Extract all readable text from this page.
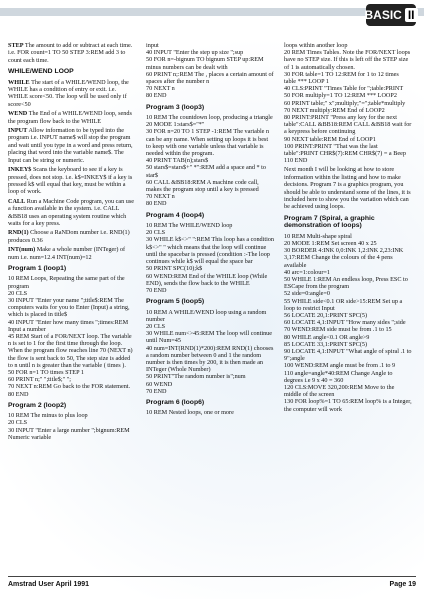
BASIC II

STEP The amount to add or subtract at each time. i.e. FOR count=1 TO 50 STEP 3:REM add 3 to count each time.

WHILE/WEND LOOP

WHILE The start of a WHILE/WEND loop, the WHILE has a condition of entry or exit. i.e. WHILE score<50. The loop will be used only if score<50

WEND The End of a WHILE/WEND loop, sends the program flow back to the WHILE

INPUT Allow information to be typed into the program i.e. INPUT name$ will stop the program and wait until you type in a word and press return, placing that word into the variable name$. The Input can be string or numeric.

INKEY$ Scans the keyboard to see if a key is pressed, does not stop. i.e. k$=INKEY$ if a key is pressed k$ will equal that key, must be within a loop of work.

CALL Run a Machine Code program, you can use a function available in the system. i.e. CALL &BB18 uses an operating system routine which waits for a key press.

RND(1) Choose a RaNDom number i.e. RND(1) produces 0.36

INT(num) Make a whole number (INTeger) of num i.e. num=12.4 INT(num)=12

Program 1 (loop1)
10 REM Loops, Repeating the same part of the program
20 CLS
30 INPUT "Enter your name ";title$:REM The computers waits for you to Enter (Input) a string, which is placed in title$
40 INPUT "Enter how many times ";times:REM Input a number
45 REM Start of a FOR/NEXT loop. The variable n is set to 1 for the first time through the loop. When the program flow reaches line 70 (NEXT n) the flow is sent back to 50, The step size is added to n until n is greater than the variable ( times ).
50 FOR n=1 TO times STEP 1
60 PRINT n;" ";title$;" ";
70 NEXT n:REM Go back to the FOR statement.
80 END
Program 2 (loop2)
10 REM The minus to plus loop
20 CLS
30 INPUT "Enter a large number ";bignum:REM Numeric variable
input
40 INPUT "Enter the step up size ";sup
50 FOR n=-bignum TO bignum STEP up:REM minus numbers can be dealt with
60 PRINT n;:REM The , places a certain amount of spaces after the number n
70 NEXT n
80 END
Program 3 (loop3)
10 REM The countdown loop, producing a triangle
20 MODE 1:stars$="*"
30 FOR n=20 TO 1 STEP -1:REM The variable n can be any name. When setting up loops it is best to keep with one variable unless that variable is needed within the program.
40 PRINT TAB(n);stars$
50 stars$=stars$+" *":REM add a space and * to star$
60 CALL &BB18:REM A machine code call, makes the program stop until a key is pressed
70 NEXT n
80 END
Program 4 (loop4)
10 REM The WHILE/WEND loop
20 CLS
30 WHILE k$<>" ":REM This loop has a condition k$<>" " which means that the loop will continue until the spacebar is pressed (condition :-The loop continues while k$ will equal the space bar
50 PRINT SPC(10);k$
60 WEND:REM End of the WHILE loop (While END), sends the flow back to the WHILE
70 END
Program 5 (loop5)
10 REM A WHILE/WEND loop using a random number
20 CLS
30 WHILE num<>45:REM The loop will continue until Num=45
40 num=INT(RND(1)*200):REM RND(1) chooses a random number between 0 and 1 the random number is then times by 200, it is then made an INTeger (Whole Number)
50 PRINT"The random number is";num
60 WEND
70 END
Program 6 (loop6)
10 REM Nested loops, one or more
loops within another loop
20 REM Times Tables. Note the FOR/NEXT loops have no STEP size. If this is left off the STEP size of 1 is automatically chosen.
30 FOR table=1 TO 12:REM for 1 to 12 times table *** LOOP 1
40 CLS:PRINT "Times Table for ";table:PRINT
50 FOR multiply=1 TO 12:REM *** LOOP2
60 PRINT table;" x";multiply;"=";table*multiply
70 NEXT multiply:REM End of LOOP2
80 PRINT:PRINT "Press any key for the next table":CALL &BB18:REM CALL &BB18 wait for a keypress before continuing
90 NEXT table:REM End of LOOP1
100 PRINT:PRINT "That was the last table":PRINT CHR$(7):REM CHR$(7) = a Beep
110 END

Next month I will be looking at how to store information within the listing and how to make decisions. Program 7 is a graphics program, you should be able to understand some of the lines, it is included here to show you the variation which can be achieved using loops.

Program 7 (Spiral, a graphic demonstration of loops)
10 REM Multi-shape spiral
20 MODE 1:REM Set screen 40 x 25
30 BORDER 4:INK 0,0:INK 1,2:INK 2,23:INK 3,17:REM Change the colours of the 4 pens available
40 arc=1:colour=1
50 WHILE 1:REM An endless loop, Press ESC to ESCape from the program
52 side=0:angle=0
55 WHILE side<0.1 OR side>15:REM Set up a loop to restrict Input
56 LOCATE 20,1:PRINT SPC(5)
60 LOCATE 4,1:INPUT "How many sides ";side
70 WEND:REM side must be from .1 to 15
80 WHILE angle<0.1 OR angle>9
85 LOCATE 33,1:PRINT SPC(5)
90 LOCATE 4,1:INPUT "What angle of spiral .1 to 9";angle
100 WEND:REM angle must be from .1 to 9
110 angle=angle*40:REM Change Angle to degrees i.e 9 x 40 = 360
120 CLS:MOVE 320,200:REM Move to the middle of the screen
130 FOR loop%=1 TO 65:REM loop% is a Integer, the computer will work
Amstrad User April 1991	Page 19
